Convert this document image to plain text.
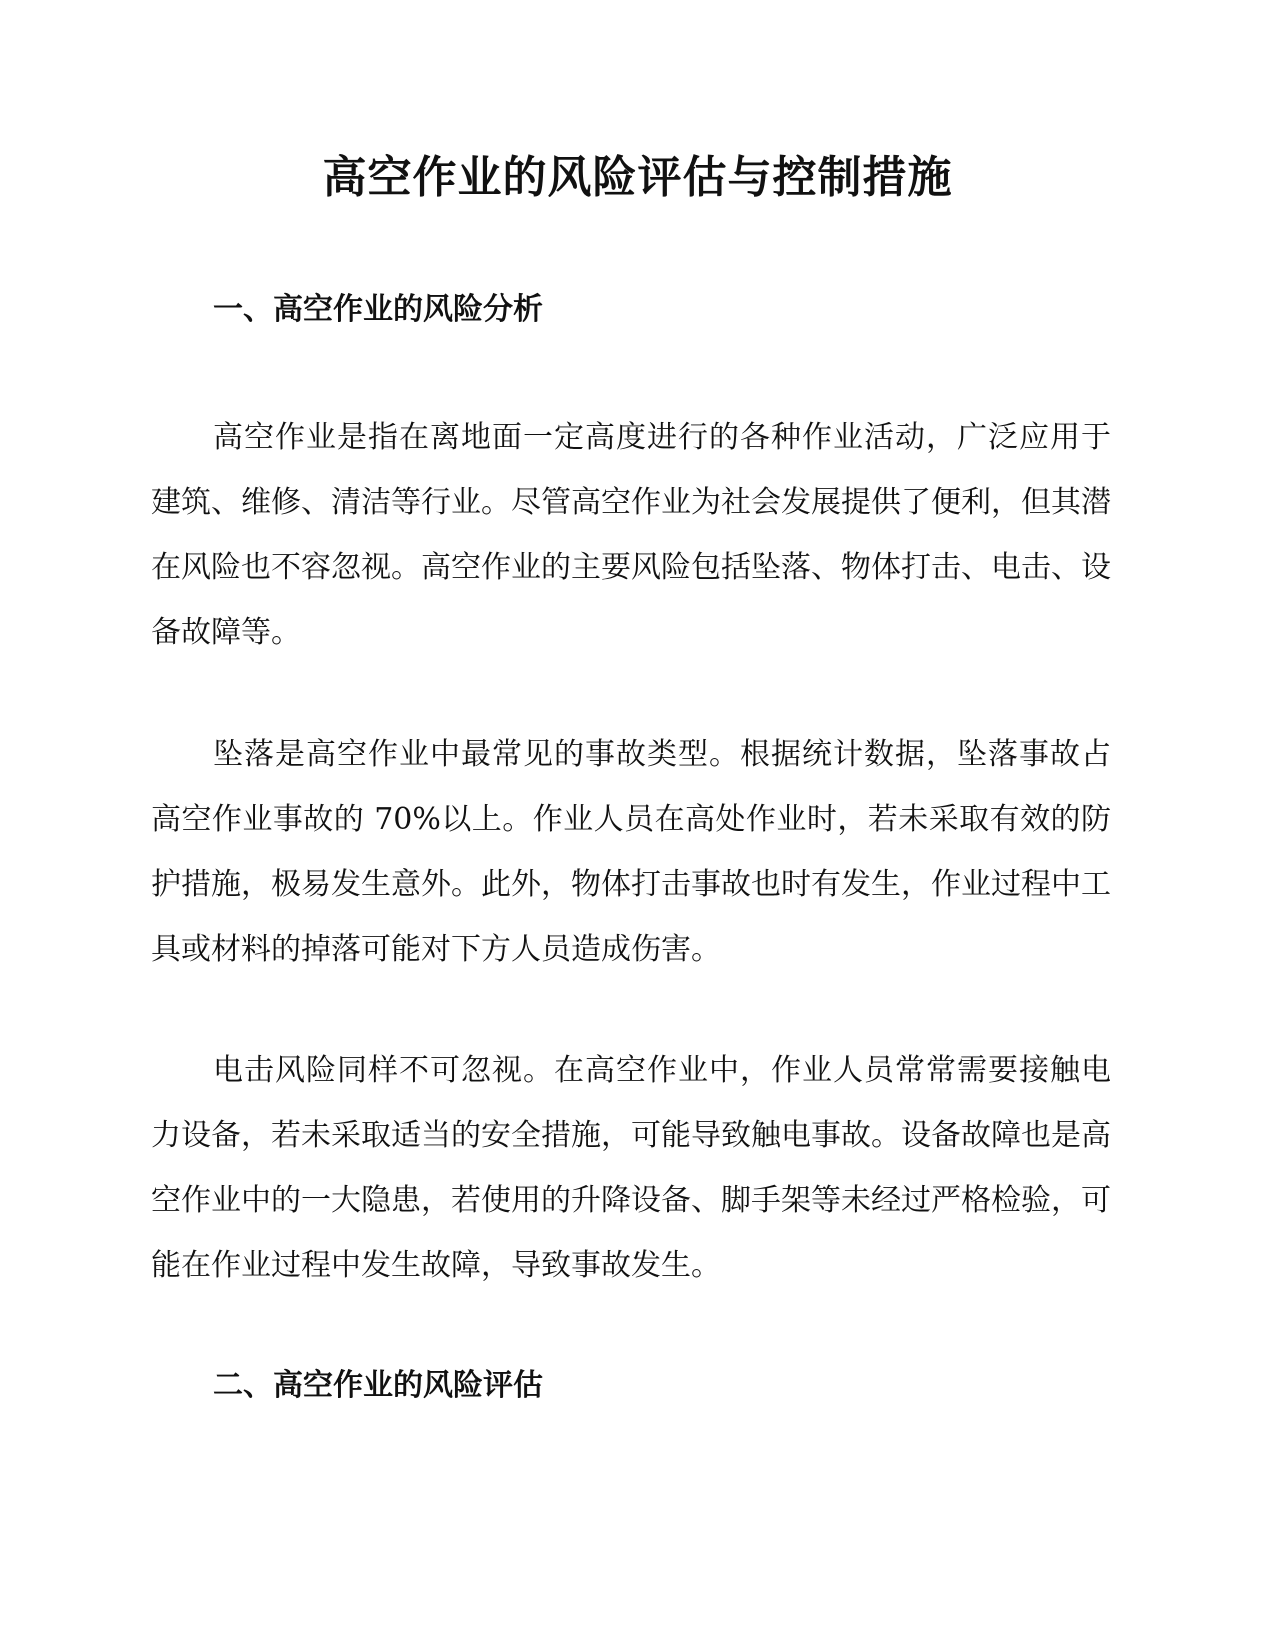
高空作业的风险评估与控制措施
一、高空作业的风险分析

高空作业是指在离地面一定高度进行的各种作业活动，广泛应用于建筑、维修、清洁等行业。尽管高空作业为社会发展提供了便利，但其潜在风险也不容忽视。高空作业的主要风险包括坠落、物体打击、电击、设备故障等。

坠落是高空作业中最常见的事故类型。根据统计数据，坠落事故占高空作业事故的 70%以上。作业人员在高处作业时，若未采取有效的防护措施，极易发生意外。此外，物体打击事故也时有发生，作业过程中工具或材料的掉落可能对下方人员造成伤害。

电击风险同样不可忽视。在高空作业中，作业人员常常需要接触电力设备，若未采取适当的安全措施，可能导致触电事故。设备故障也是高空作业中的一大隐患，若使用的升降设备、脚手架等未经过严格检验，可能在作业过程中发生故障，导致事故发生。

二、高空作业的风险评估
